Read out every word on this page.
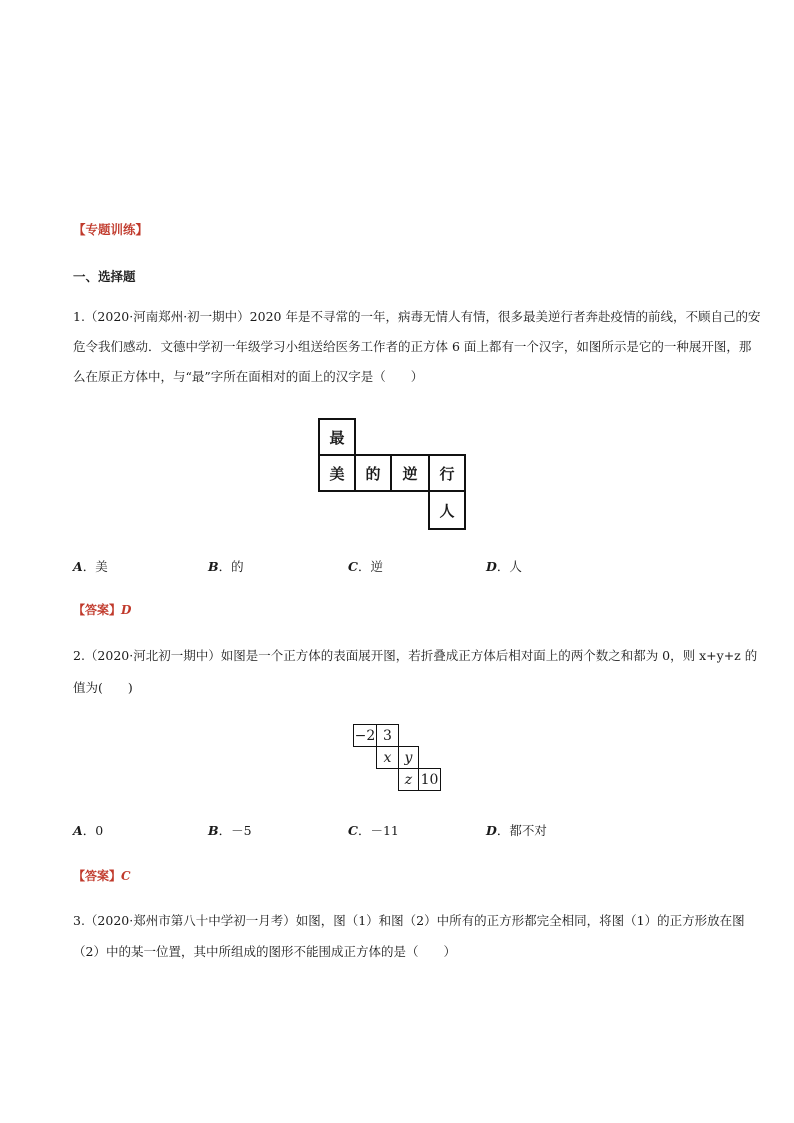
【专题训练】
一、选择题
1.（2020·河南郑州·初一期中）2020 年是不寻常的一年，病毒无情人有情，很多最美逆行者奔赴疫情的前线，不顾自己的安
危令我们感动．文德中学初一年级学习小组送给医务工作者的正方体 6 面上都有一个汉字，如图所示是它的一种展开图，那
么在原正方体中，与“最”字所在面相对的面上的汉字是（　　）
最
美	的	逆	行
人
A．美	B．的	C．逆	D．人
【答案】D
2.（2020·河北初一期中）如图是一个正方体的表面展开图，若折叠成正方体后相对面上的两个数之和都为 0，则 x+y+z 的
值为(　　)
−2 3
x y
z 10
A．0	B．－5	C．－11	D．都不对
【答案】C
3.（2020·郑州市第八十中学初一月考）如图，图（1）和图（2）中所有的正方形都完全相同，将图（1）的正方形放在图
（2）中的某一位置，其中所组成的图形不能围成正方体的是（　　）
